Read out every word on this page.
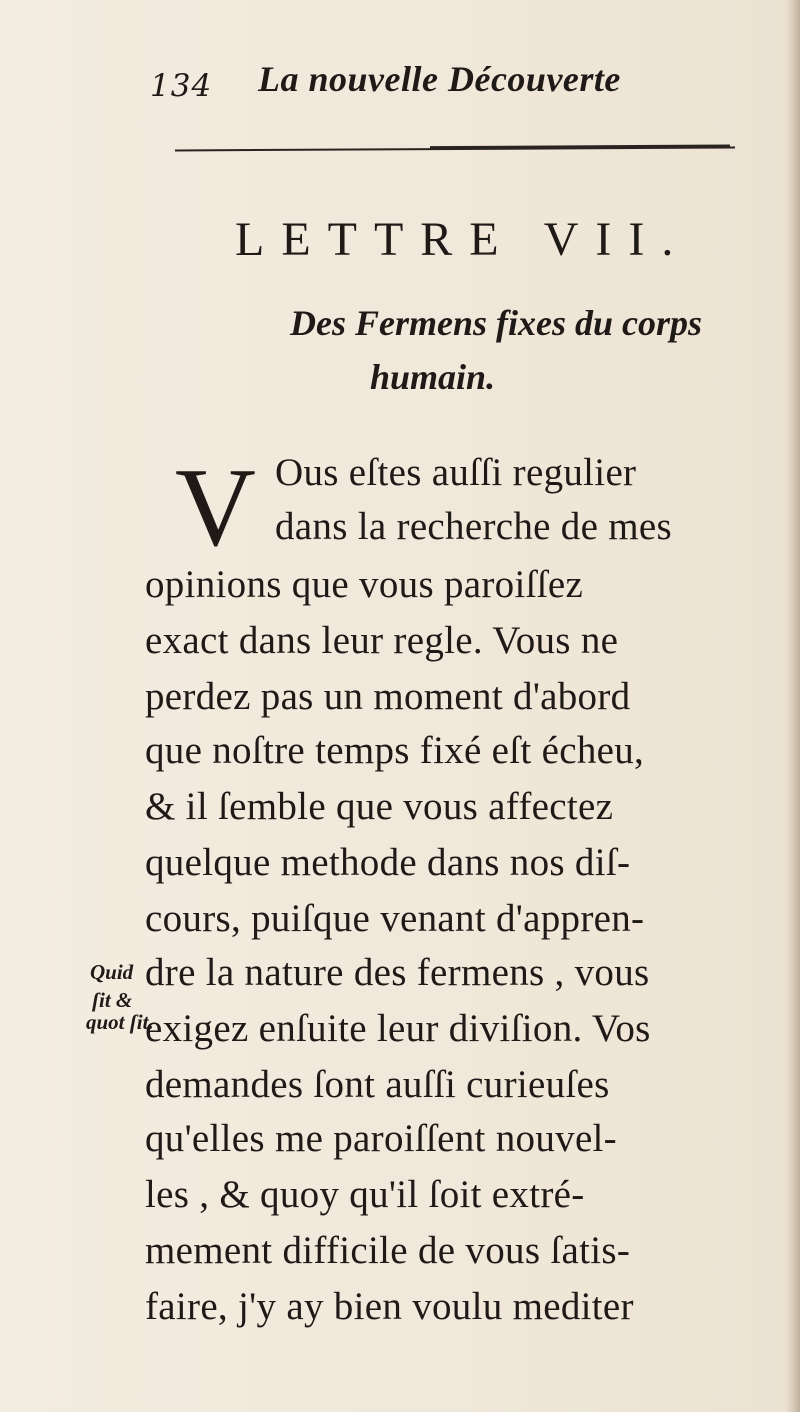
134 La nouvelle Découverte
LETTRE VII.
Des Fermens fixes du corps
humain.
V Ous eſtes auſſi regulier
dans la recherche de mes
opinions que vous paroiſſez
exact dans leur regle. Vous ne
perdez pas un moment d'abord
que noſtre temps fixé eſt écheu,
& il ſemble que vous affectez
quelque methode dans nos diſ-
cours, puiſque venant d'appren-
dre la nature des fermens , vous
exigez enſuite leur diviſion. Vos
demandes ſont auſſi curieuſes
qu'elles me paroiſſent nouvel-
les , & quoy qu'il ſoit extré-
mement difficile de vous ſatis-
faire, j'y ay bien voulu mediter
Quid
ſit &
quot ſit.
